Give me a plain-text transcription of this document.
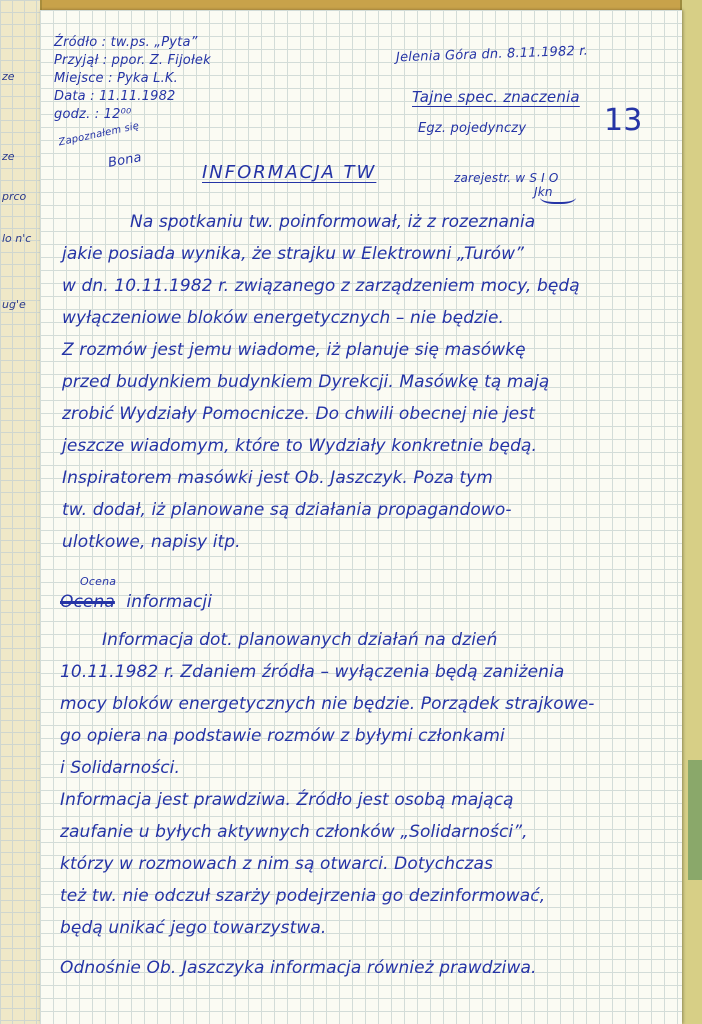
ze
ze
prco
lo n'c
ug'e
Źródło : tw.ps. „Pyta”
Przyjął : ppor. Z. Fijołek
Miejsce : Pyka L.K.
Data : 11.11.1982
godz. : 12⁰⁰
Zapoznałem się
Bona
Jelenia Góra dn. 8.11.1982 r.
Tajne spec. znaczenia
Egz. pojedynczy	13
zarejestr. w S I O
Jkn
INFORMACJA TW
Na spotkaniu tw. poinformował, iż z rozeznania
jakie posiada wynika, że strajku w Elektrowni „Turów”
w dn. 10.11.1982 r. związanego z zarządzeniem mocy, będą
wyłączeniowe bloków energetycznych – nie będzie.
Z rozmów jest jemu wiadome, iż planuje się masówkę
przed budynkiem budynkiem Dyrekcji. Masówkę tą mają
zrobić Wydziały Pomocnicze. Do chwili obecnej nie jest
jeszcze wiadomym, które to Wydziały konkretnie będą.
Inspiratorem masówki jest Ob. Jaszczyk. Poza tym
tw. dodał, iż planowane są działania propagandowo-
ulotkowe, napisy itp.
Ocena
Ocena informacji
Informacja dot. planowanych działań na dzień
10.11.1982 r. Zdaniem źródła – wyłączenia będą zaniżenia
mocy bloków energetycznych nie będzie. Porządek strajkowe-
go opiera na podstawie rozmów z byłymi członkami
i Solidarności.
Informacja jest prawdziwa. Źródło jest osobą mającą
zaufanie u byłych aktywnych członków „Solidarności”,
którzy w rozmowach z nim są otwarci. Dotychczas
też tw. nie odczuł szarży podejrzenia go dezinformować,
będą unikać jego towarzystwa.
Odnośnie Ob. Jaszczyka informacja również prawdziwa.
